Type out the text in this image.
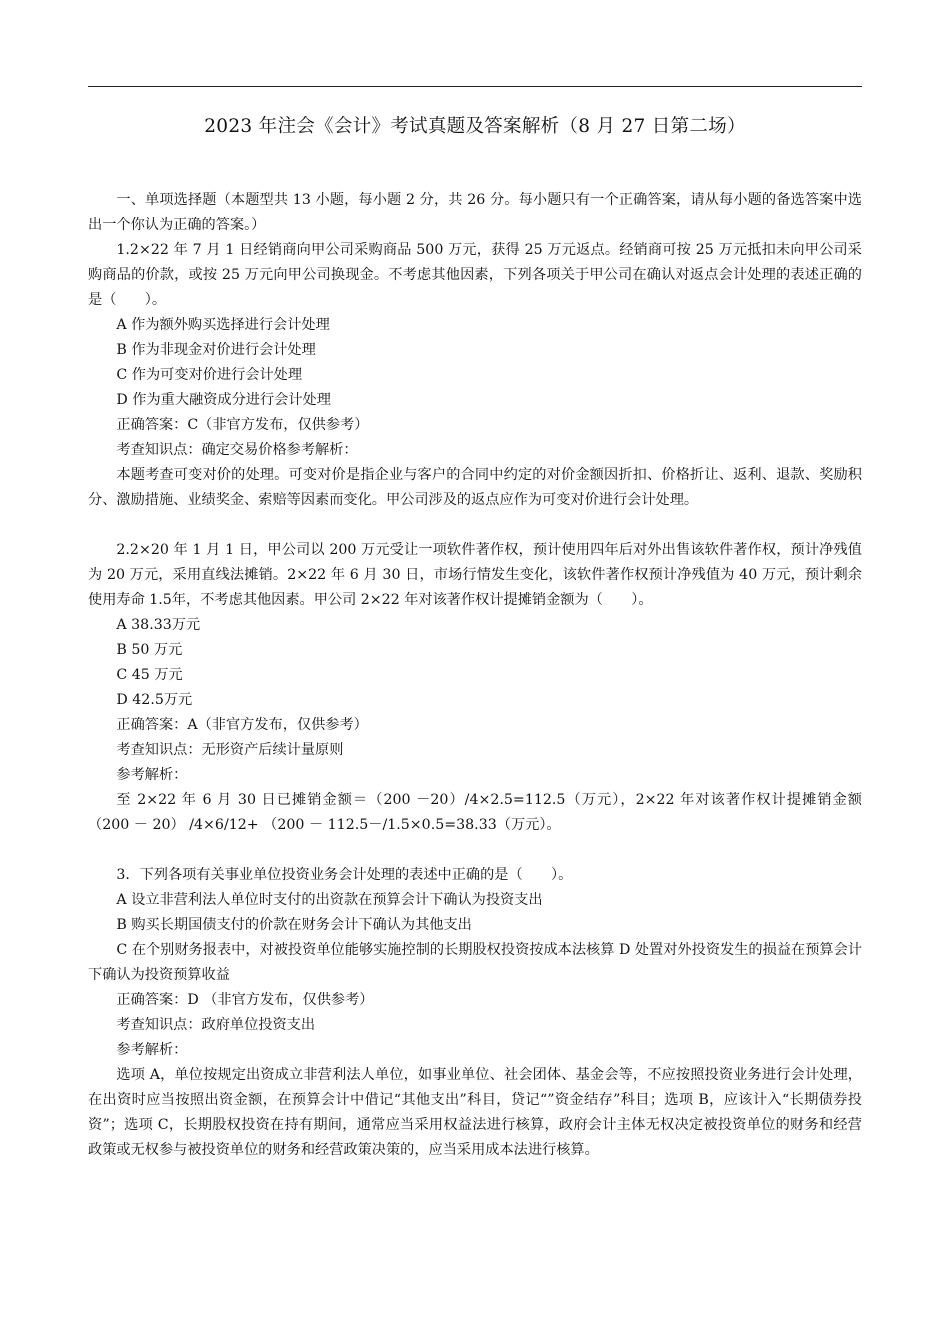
2023 年注会《会计》考试真题及答案解析（8 月 27 日第二场）

一、单项选择题（本题型共 13 小题，每小题 2 分，共 26 分。每小题只有一个正确答案，请从每小题的备选答案中选出一个你认为正确的答案。）

1.2×22 年 7 月 1 日经销商向甲公司采购商品 500 万元，获得 25 万元返点。经销商可按 25 万元抵扣未向甲公司采购商品的价款，或按 25 万元向甲公司换现金。不考虑其他因素，下列各项关于甲公司在确认对返点会计处理的表述正确的是（　　）。

A 作为额外购买选择进行会计处理

B 作为非现金对价进行会计处理

C 作为可变对价进行会计处理

D 作为重大融资成分进行会计处理

正确答案：C（非官方发布，仅供参考）

考查知识点：确定交易价格参考解析：

本题考查可变对价的处理。可变对价是指企业与客户的合同中约定的对价金额因折扣、价格折让、返利、退款、奖励积分、激励措施、业绩奖金、索赔等因素而变化。甲公司涉及的返点应作为可变对价进行会计处理。

2.2×20 年 1 月 1 日，甲公司以 200 万元受让一项软件著作权，预计使用四年后对外出售该软件著作权，预计净残值为 20 万元，采用直线法摊销。2×22 年 6 月 30 日，市场行情发生变化，该软件著作权预计净残值为 40 万元，预计剩余使用寿命 1.5年，不考虑其他因素。甲公司 2×22 年对该著作权计提摊销金额为（　　）。

A 38.33万元

B 50 万元

C 45 万元

D 42.5万元

正确答案：A（非官方发布，仅供参考）

考查知识点：无形资产后续计量原则

参考解析：

至 2×22 年 6 月 30 日已摊销金额＝（200 －20）/4×2.5=112.5（万元），2×22 年对该著作权计提摊销金额（200 － 20） /4×6/12+ （200 － 112.5－/1.5×0.5=38.33（万元）。

3．下列各项有关事业单位投资业务会计处理的表述中正确的是（　　）。

A 设立非营利法人单位时支付的出资款在预算会计下确认为投资支出

B 购买长期国债支付的价款在财务会计下确认为其他支出

C 在个别财务报表中，对被投资单位能够实施控制的长期股权投资按成本法核算 D 处置对外投资发生的损益在预算会计下确认为投资预算收益

正确答案：D （非官方发布，仅供参考）

考查知识点：政府单位投资支出

参考解析：

选项 A，单位按规定出资成立非营利法人单位，如事业单位、社会团体、基金会等，不应按照投资业务进行会计处理，在出资时应当按照出资金额，在预算会计中借记“其他支出”科目，贷记“”资金结存”科目；选项 B，应该计入“长期债券投资”；选项 C，长期股权投资在持有期间，通常应当采用权益法进行核算，政府会计主体无权决定被投资单位的财务和经营政策或无权参与被投资单位的财务和经营政策决策的，应当采用成本法进行核算。
